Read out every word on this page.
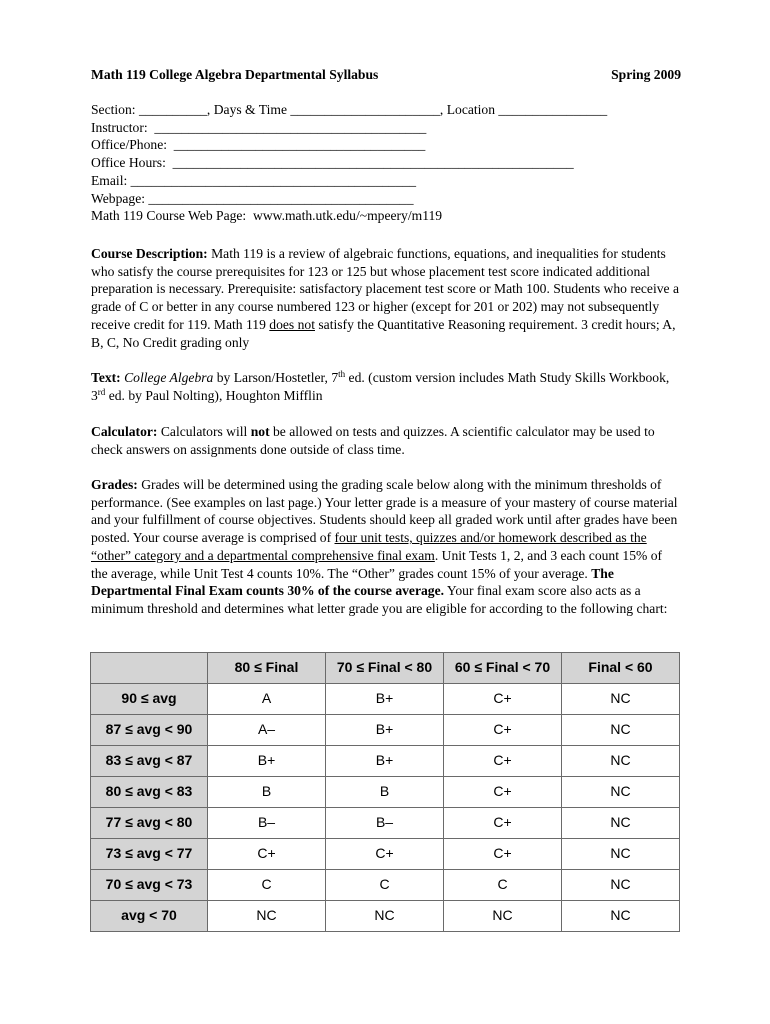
Math 119 College Algebra Departmental Syllabus	Spring 2009
Section: __________, Days & Time ______________________, Location ________________
Instructor:  ________________________________________
Office/Phone:  _____________________________________
Office Hours:  ___________________________________________________________
Email: __________________________________________
Webpage: _______________________________________
Math 119 Course Web Page:  www.math.utk.edu/~mpeery/m119
Course Description: Math 119 is a review of algebraic functions, equations, and inequalities for students who satisfy the course prerequisites for 123 or 125 but whose placement test score indicated additional preparation is necessary. Prerequisite: satisfactory placement test score or Math 100. Students who receive a grade of C or better in any course numbered 123 or higher (except for 201 or 202) may not subsequently receive credit for 119. Math 119 does not satisfy the Quantitative Reasoning requirement. 3 credit hours; A, B, C, No Credit grading only
Text: College Algebra by Larson/Hostetler, 7th ed. (custom version includes Math Study Skills Workbook, 3rd ed. by Paul Nolting), Houghton Mifflin
Calculator: Calculators will not be allowed on tests and quizzes. A scientific calculator may be used to check answers on assignments done outside of class time.
Grades: Grades will be determined using the grading scale below along with the minimum thresholds of performance. (See examples on last page.) Your letter grade is a measure of your mastery of course material and your fulfillment of course objectives. Students should keep all graded work until after grades have been posted. Your course average is comprised of four unit tests, quizzes and/or homework described as the “other” category and a departmental comprehensive final exam. Unit Tests 1, 2, and 3 each count 15% of the average, while Unit Test 4 counts 10%. The “Other” grades count 15% of your average. The Departmental Final Exam counts 30% of the course average. Your final exam score also acts as a minimum threshold and determines what letter grade you are eligible for according to the following chart:
	80 ≤ Final	70 ≤ Final < 80	60 ≤ Final < 70	Final < 60
90 ≤ avg	A	B+	C+	NC
87 ≤ avg < 90	A–	B+	C+	NC
83 ≤ avg < 87	B+	B+	C+	NC
80 ≤ avg < 83	B	B	C+	NC
77 ≤ avg < 80	B–	B–	C+	NC
73 ≤ avg < 77	C+	C+	C+	NC
70 ≤ avg < 73	C	C	C	NC
avg < 70	NC	NC	NC	NC
